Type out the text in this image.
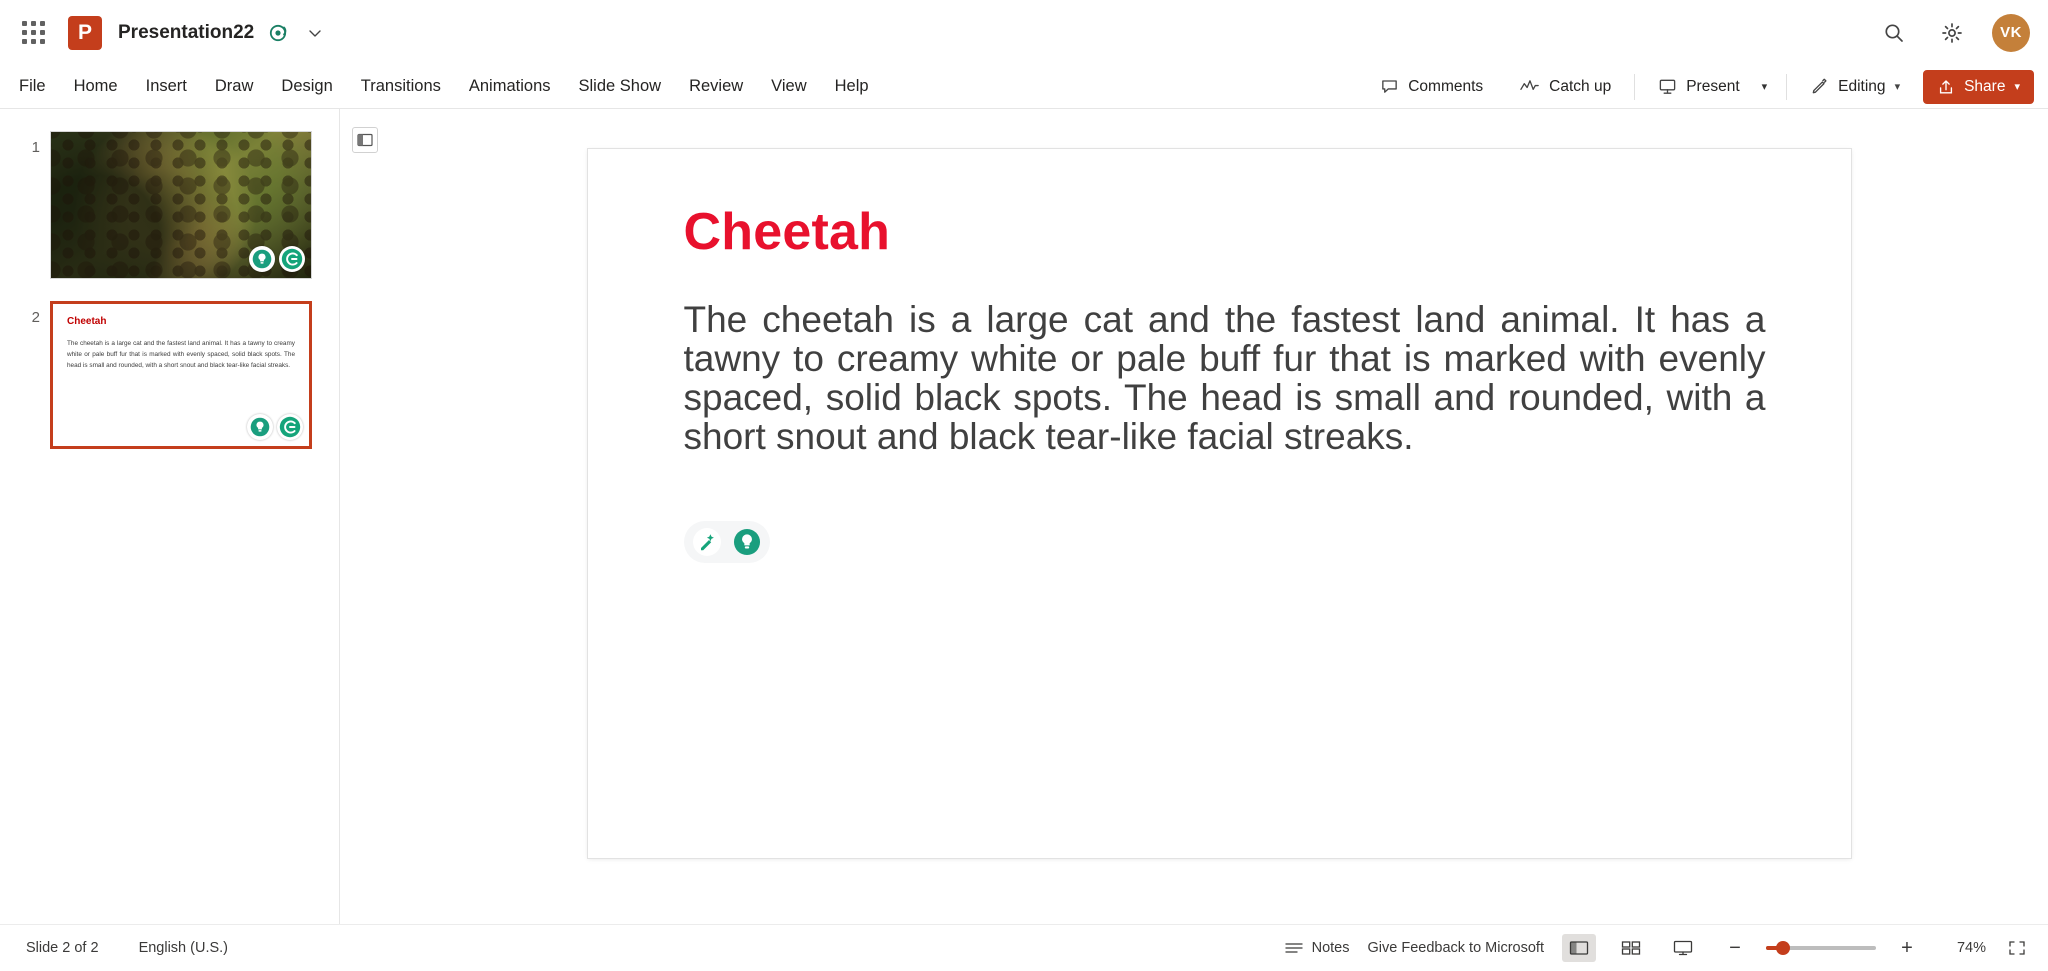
P Presentation22	VK
File	Home	Insert	Draw	Design	Transitions	Animations	Slide Show	Review	View	Help	Comments	Catch up	Present	▾	Editing ▾	Share ▾
1
2	Cheetah
The cheetah is a large cat and the fastest land animal. It has a tawny to creamy white or pale buff fur that is marked with evenly spaced, solid black spots. The head is small and rounded, with a short snout and black tear-like facial streaks.
Cheetah
The cheetah is a large cat and the fastest land animal. It has a tawny to creamy white or pale buff fur that is marked with evenly spaced, solid black spots. The head is small and rounded, with a short snout and black tear-like facial streaks.
Slide 2 of 2	English (U.S.)	Notes Give Feedback to Microsoft	−	+	74%
